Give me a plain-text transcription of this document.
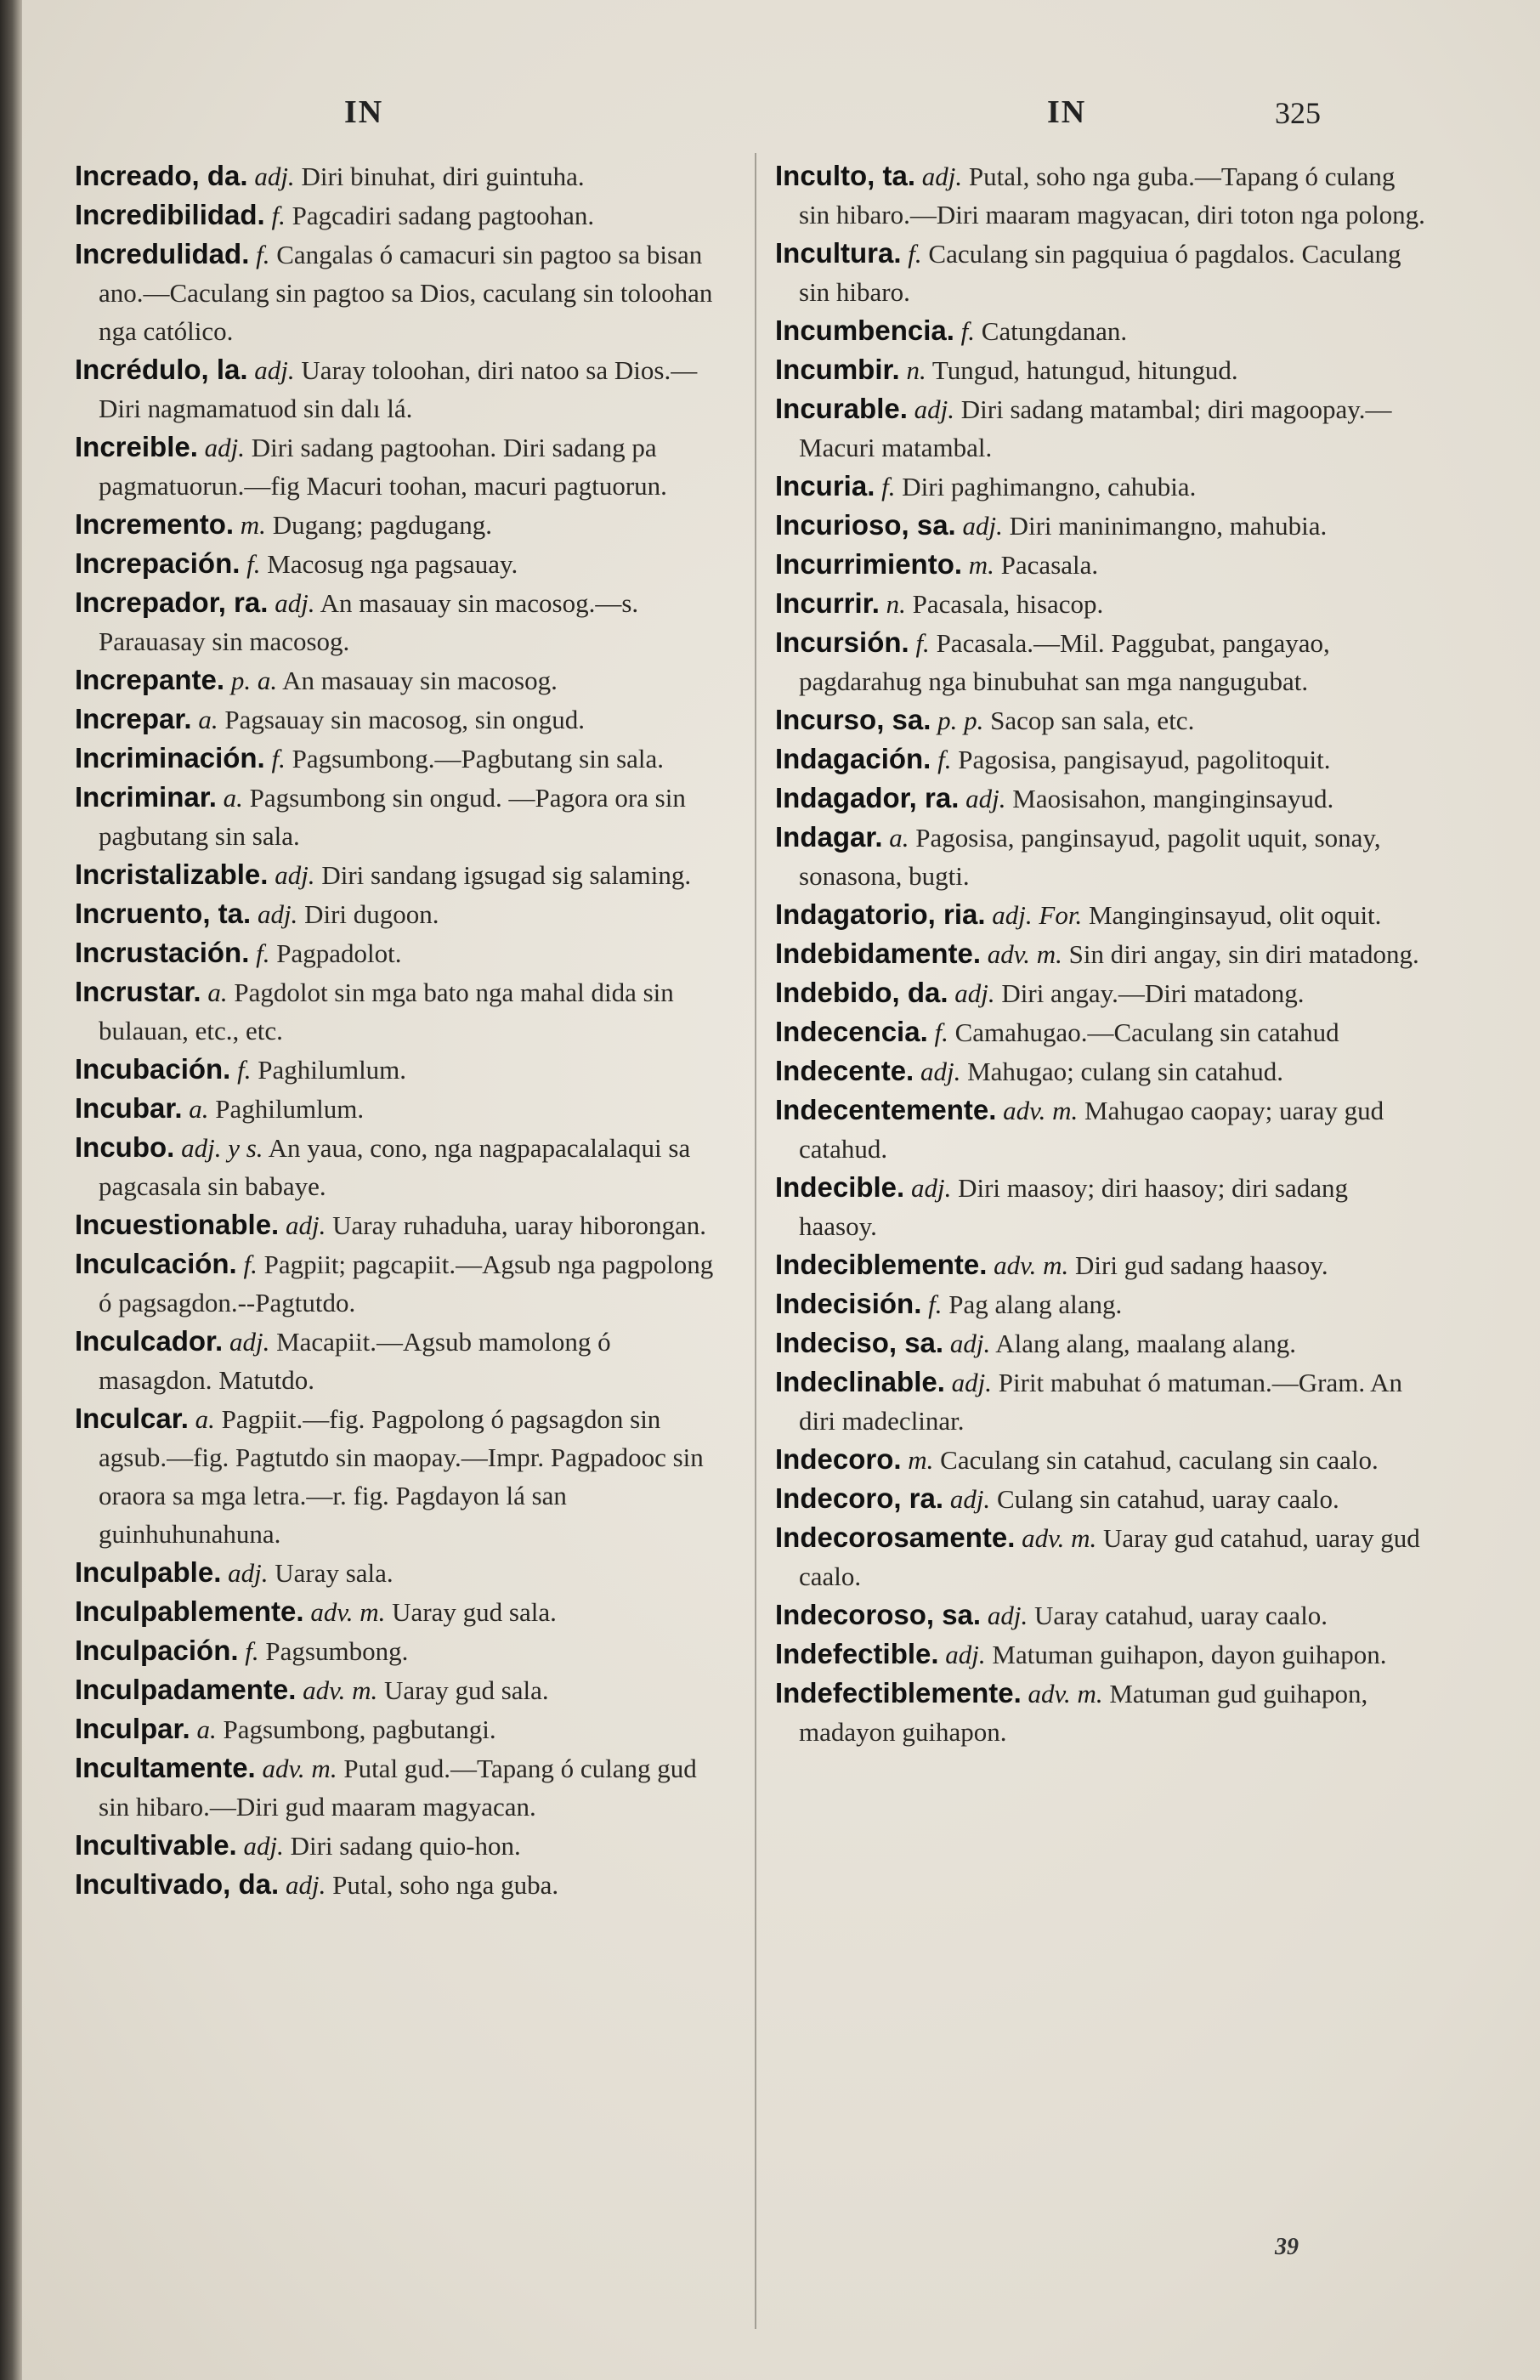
IN	IN	325

Increado, da. adj. Diri binuhat, diri guintuha.

Incredibilidad. f. Pagcadiri sadang pagtoohan.

Incredulidad. f. Cangalas ó camacuri sin pagtoo sa bisan ano.—Caculang sin pagtoo sa Dios, caculang sin toloohan nga católico.

Incrédulo, la. adj. Uaray toloohan, diri natoo sa Dios.—Diri nagmamatuod sin dalı lá.

Increible. adj. Diri sadang pagtoohan. Diri sadang pa pagmatuorun.—fig Macuri toohan, macuri pagtuorun.

Incremento. m. Dugang; pagdugang.

Increpación. f. Macosug nga pagsauay.

Increpador, ra. adj. An masauay sin macosog.—s. Parauasay sin macosog.

Increpante. p. a. An masauay sin macosog.

Increpar. a. Pagsauay sin macosog, sin ongud.

Incriminación. f. Pagsumbong.—Pagbutang sin sala.

Incriminar. a. Pagsumbong sin ongud. —Pagora ora sin pagbutang sin sala.

Incristalizable. adj. Diri sandang igsugad sig salaming.

Incruento, ta. adj. Diri dugoon.

Incrustación. f. Pagpadolot.

Incrustar. a. Pagdolot sin mga bato nga mahal dida sin bulauan, etc., etc.

Incubación. f. Paghilumlum.

Incubar. a. Paghilumlum.

Incubo. adj. y s. An yaua, cono, nga nagpapacalalaqui sa pagcasala sin babaye.

Incuestionable. adj. Uaray ruhaduha, uaray hiborongan.

Inculcación. f. Pagpiit; pagcapiit.—Agsub nga pagpolong ó pagsagdon.--Pagtutdo.

Inculcador. adj. Macapiit.—Agsub mamolong ó masagdon. Matutdo.

Inculcar. a. Pagpiit.—fig. Pagpolong ó pagsagdon sin agsub.—fig. Pagtutdo sin maopay.—Impr. Pagpadooc sin oraora sa mga letra.—r. fig. Pagdayon lá san guinhuhunahuna.

Inculpable. adj. Uaray sala.

Inculpablemente. adv. m. Uaray gud sala.

Inculpación. f. Pagsumbong.

Inculpadamente. adv. m. Uaray gud sala.

Inculpar. a. Pagsumbong, pagbutangi.

Incultamente. adv. m. Putal gud.—Tapang ó culang gud sin hibaro.—Diri gud maaram magyacan.

Incultivable. adj. Diri sadang quio-hon.

Incultivado, da. adj. Putal, soho nga guba.

Inculto, ta. adj. Putal, soho nga guba.—Tapang ó culang sin hibaro.—Diri maaram magyacan, diri toton nga polong.

Incultura. f. Caculang sin pagquiua ó pagdalos. Caculang sin hibaro.

Incumbencia. f. Catungdanan.

Incumbir. n. Tungud, hatungud, hitungud.

Incurable. adj. Diri sadang matambal; diri magoopay.—Macuri matambal.

Incuria. f. Diri paghimangno, cahubia.

Incurioso, sa. adj. Diri maninimangno, mahubia.

Incurrimiento. m. Pacasala.

Incurrir. n. Pacasala, hisacop.

Incursión. f. Pacasala.—Mil. Paggubat, pangayao, pagdarahug nga binubuhat san mga nangugubat.

Incurso, sa. p. p. Sacop san sala, etc.

Indagación. f. Pagosisa, pangisayud, pagolitoquit.

Indagador, ra. adj. Maosisahon, manginginsayud.

Indagar. a. Pagosisa, panginsayud, pagolit uquit, sonay, sonasona, bugti.

Indagatorio, ria. adj. For. Manginginsayud, olit oquit.

Indebidamente. adv. m. Sin diri angay, sin diri matadong.

Indebido, da. adj. Diri angay.—Diri matadong.

Indecencia. f. Camahugao.—Caculang sin catahud

Indecente. adj. Mahugao; culang sin catahud.

Indecentemente. adv. m. Mahugao caopay; uaray gud catahud.

Indecible. adj. Diri maasoy; diri haasoy; diri sadang haasoy.

Indeciblemente. adv. m. Diri gud sadang haasoy.

Indecisión. f. Pag alang alang.

Indeciso, sa. adj. Alang alang, maalang alang.

Indeclinable. adj. Pirit mabuhat ó matuman.—Gram. An diri madeclinar.

Indecoro. m. Caculang sin catahud, caculang sin caalo.

Indecoro, ra. adj. Culang sin catahud, uaray caalo.

Indecorosamente. adv. m. Uaray gud catahud, uaray gud caalo.

Indecoroso, sa. adj. Uaray catahud, uaray caalo.

Indefectible. adj. Matuman guihapon, dayon guihapon.

Indefectiblemente. adv. m. Matuman gud guihapon, madayon guihapon.

39
